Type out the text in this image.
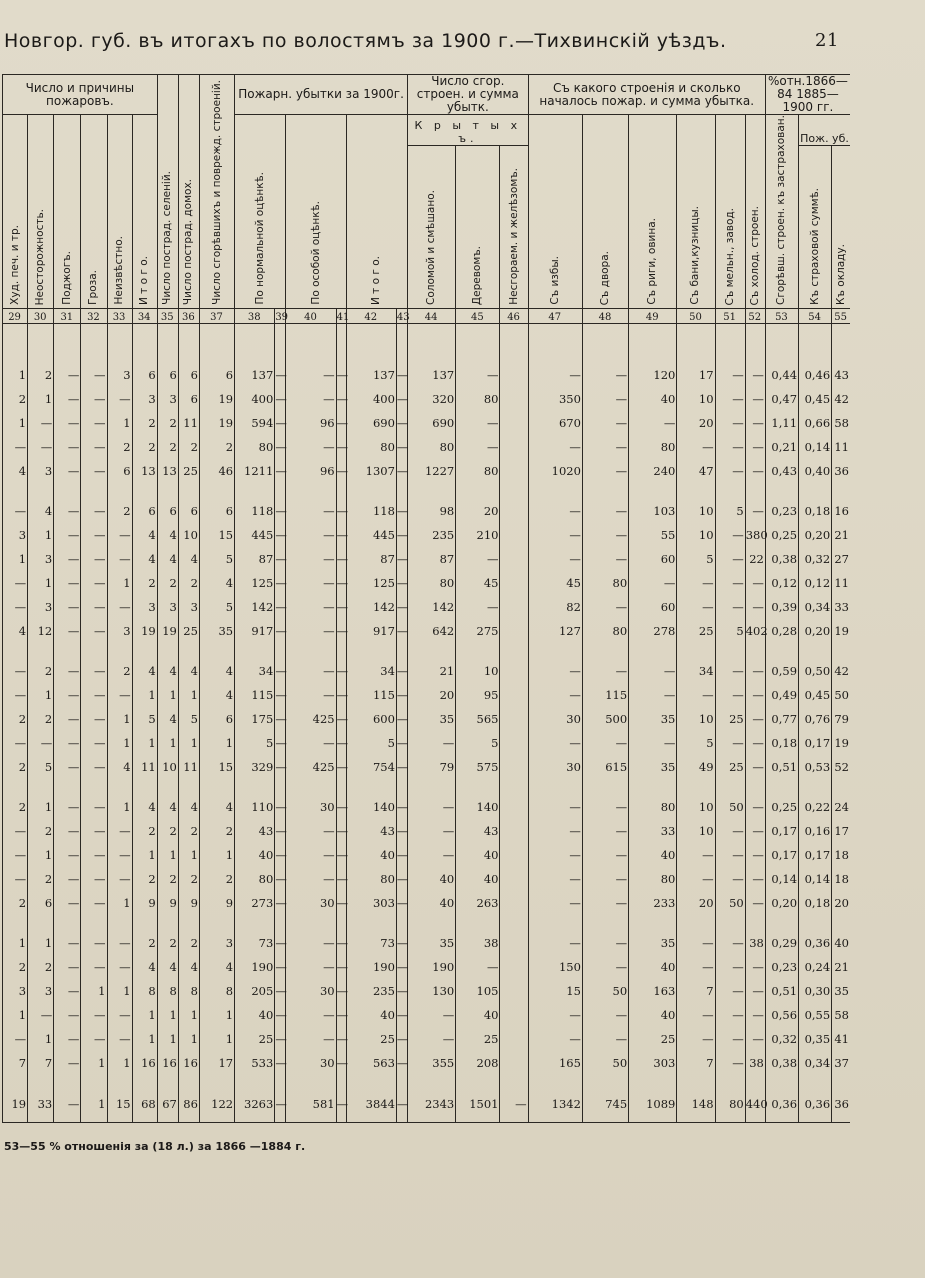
Новгор. губ. въ итогахъ по волостямъ за 1900 г.—Тихвинскій уѣздъ.	21
Число и причины пожаровъ.						Число пострад. селеній.	Число пострад. домох.	Число сгорѣвшихъ и поврежд. строеній.	Пожарн. убытки за 1900г.						Число сгор. строен. и сумма убытк.			Съ какого строенія и сколько началось пожар. и сумма убытка.						%отн.1866—84 1885—1900 гг.		
Худ. печ. и тр.	Неосторожность.	Поджогъ.	Гроза.	Неизвѣстно.	И т о г о.				По нормальной оцѣнкѣ.		По особой оцѣнкѣ.		И т о г о.		К р ы т ы х ъ.			Съ избы.	Съ двора.	Съ риги, овина.	Съ бани,кузницы.	Съ мельн., завод.	Съ холод. строен.	Сгорѣвш. строен. къ застрахован.	Пож. уб.	
															Соломой и смѣшано.	Деревомъ.	Несгораем. и желѣзомъ.								Къ страховой суммѣ.	Къ окладу.
29	30	31	32	33	34	35	36	37	38	39	40	41	42	43	44	45	46	47	48	49	50	51	52	53	54	55

1	2	—	—	3	6	6	6	6	137	—	—	—	137	—	137	—		—	—	120	17	—	—	0,44	0,46	43
2	1	—	—	—	3	3	6	19	400	—	—	—	400	—	320	80		350	—	40	10	—	—	0,47	0,45	42
1	—	—	—	1	2	2	11	19	594	—	96	—	690	—	690	—		670	—	—	20	—	—	1,11	0,66	58
—	—	—	—	2	2	2	2	2	80	—	—	—	80	—	80	—		—	—	80	—	—	—	0,21	0,14	11
4	3	—	—	6	13	13	25	46	1211	—	96	—	1307	—	1227	80		1020	—	240	47	—	—	0,43	0,40	36

—	4	—	—	2	6	6	6	6	118	—	—	—	118	—	98	20		—	—	103	10	5	—	0,23	0,18	16
3	1	—	—	—	4	4	10	15	445	—	—	—	445	—	235	210		—	—	55	10	—	380	0,25	0,20	21
1	3	—	—	—	4	4	4	5	87	—	—	—	87	—	87	—		—	—	60	5	—	22	0,38	0,32	27
—	1	—	—	1	2	2	2	4	125	—	—	—	125	—	80	45		45	80	—	—	—	—	0,12	0,12	11
—	3	—	—	—	3	3	3	5	142	—	—	—	142	—	142	—		82	—	60	—	—	—	0,39	0,34	33
4	12	—	—	3	19	19	25	35	917	—	—	—	917	—	642	275		127	80	278	25	5	402	0,28	0,20	19

—	2	—	—	2	4	4	4	4	34	—	—	—	34	—	21	10		—	—	—	34	—	—	0,59	0,50	42
—	1	—	—	—	1	1	1	4	115	—	—	—	115	—	20	95		—	115	—	—	—	—	0,49	0,45	50
2	2	—	—	1	5	4	5	6	175	—	425	—	600	—	35	565		30	500	35	10	25	—	0,77	0,76	79
—	—	—	—	1	1	1	1	1	5	—	—	—	5	—	—	5		—	—	—	5	—	—	0,18	0,17	19
2	5	—	—	4	11	10	11	15	329	—	425	—	754	—	79	575		30	615	35	49	25	—	0,51	0,53	52

2	1	—	—	1	4	4	4	4	110	—	30	—	140	—	—	140		—	—	80	10	50	—	0,25	0,22	24
—	2	—	—	—	2	2	2	2	43	—	—	—	43	—	—	43		—	—	33	10	—	—	0,17	0,16	17
—	1	—	—	—	1	1	1	1	40	—	—	—	40	—	—	40		—	—	40	—	—	—	0,17	0,17	18
—	2	—	—	—	2	2	2	2	80	—	—	—	80	—	40	40		—	—	80	—	—	—	0,14	0,14	18
2	6	—	—	1	9	9	9	9	273	—	30	—	303	—	40	263		—	—	233	20	50	—	0,20	0,18	20

1	1	—	—	—	2	2	2	3	73	—	—	—	73	—	35	38		—	—	35	—	—	38	0,29	0,36	40
2	2	—	—	—	4	4	4	4	190	—	—	—	190	—	190	—		150	—	40	—	—	—	0,23	0,24	21
3	3	—	1	1	8	8	8	8	205	—	30	—	235	—	130	105		15	50	163	7	—	—	0,51	0,30	35
1	—	—	—	—	1	1	1	1	40	—	—	—	40	—	—	40		—	—	40	—	—	—	0,56	0,55	58
—	1	—	—	—	1	1	1	1	25	—	—	—	25	—	—	25		—	—	25	—	—	—	0,32	0,35	41
7	7	—	1	1	16	16	16	17	533	—	30	—	563	—	355	208		165	50	303	7	—	38	0,38	0,34	37

19	33	—	1	15	68	67	86	122	3263	—	581	—	3844	—	2343	1501	—	1342	745	1089	148	80	440	0,36	0,36	36
53—55 % отношенія за (18 л.) за 1866 —1884 г.
